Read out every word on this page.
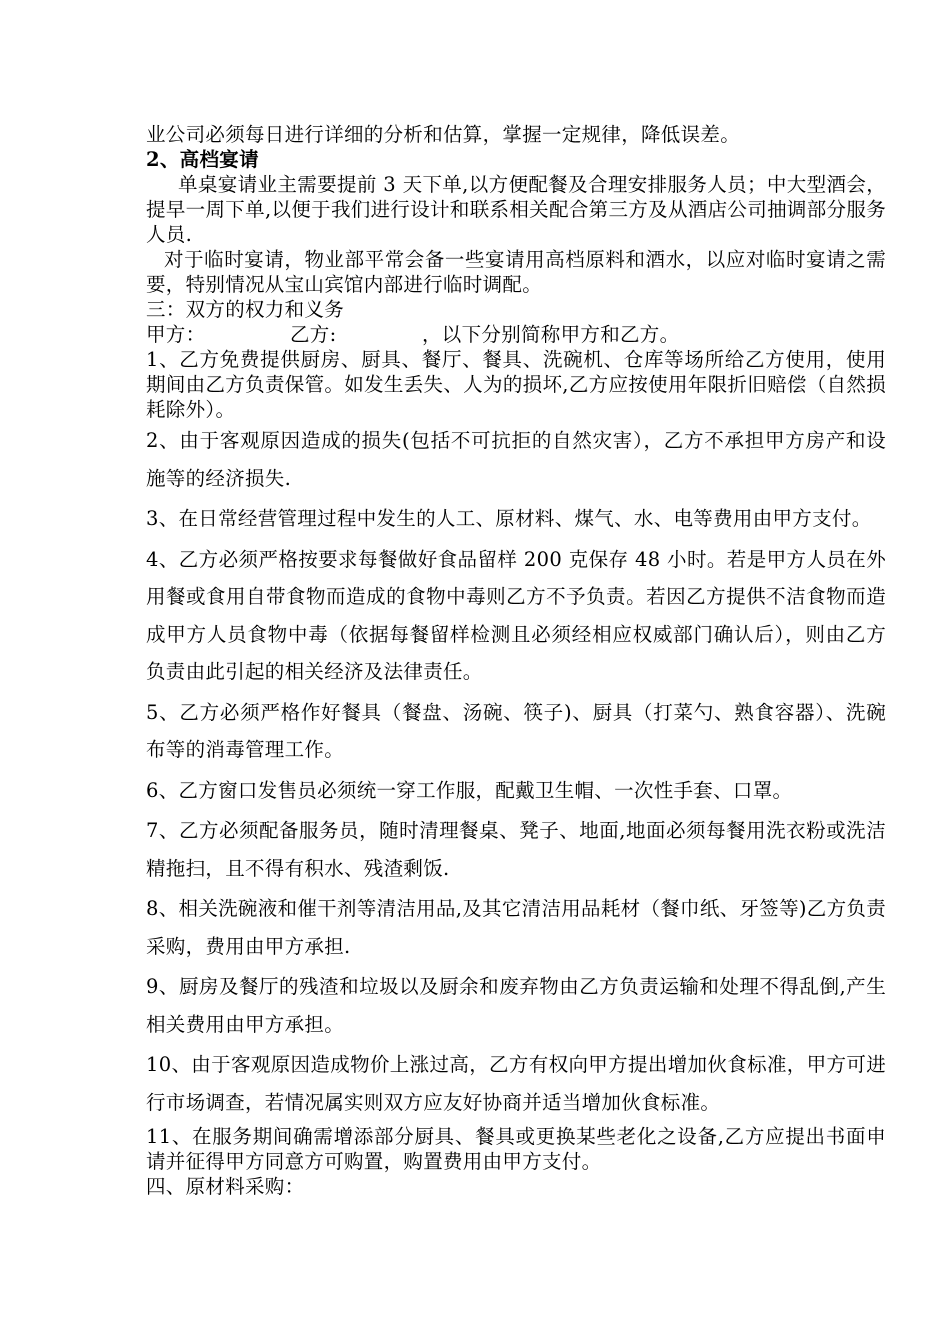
业公司必须每日进行详细的分析和估算，掌握一定规律，降低误差。

2、高档宴请

单桌宴请业主需要提前 3 天下单,以方便配餐及合理安排服务人员；中大型酒会，提早一周下单,以便于我们进行设计和联系相关配合第三方及从酒店公司抽调部分服务人员.

对于临时宴请，物业部平常会备一些宴请用高档原料和酒水，以应对临时宴请之需要，特别情况从宝山宾馆内部进行临时调配。

三：双方的权力和义务

甲方：	乙方:	，以下分别简称甲方和乙方。

1、乙方免费提供厨房、厨具、餐厅、餐具、洗碗机、仓库等场所给乙方使用，使用期间由乙方负责保管。如发生丢失、人为的损坏,乙方应按使用年限折旧赔偿（自然损耗除外）。

2、由于客观原因造成的损失(包括不可抗拒的自然灾害），乙方不承担甲方房产和设施等的经济损失.

3、在日常经营管理过程中发生的人工、原材料、煤气、水、电等费用由甲方支付。

4、乙方必须严格按要求每餐做好食品留样 200 克保存 48 小时。若是甲方人员在外用餐或食用自带食物而造成的食物中毒则乙方不予负责。若因乙方提供不洁食物而造成甲方人员食物中毒（依据每餐留样检测且必须经相应权威部门确认后），则由乙方负责由此引起的相关经济及法律责任。

5、乙方必须严格作好餐具（餐盘、汤碗、筷子)、厨具（打菜勺、熟食容器）、洗碗布等的消毒管理工作。

6、乙方窗口发售员必须统一穿工作服，配戴卫生帽、一次性手套、口罩。

7、乙方必须配备服务员，随时清理餐桌、凳子、地面,地面必须每餐用洗衣粉或洗洁精拖扫，且不得有积水、残渣剩饭.

8、相关洗碗液和催干剂等清洁用品,及其它清洁用品耗材（餐巾纸、牙签等)乙方负责采购，费用由甲方承担.

9、厨房及餐厅的残渣和垃圾以及厨余和废弃物由乙方负责运输和处理不得乱倒,产生相关费用由甲方承担。

10、由于客观原因造成物价上涨过高，乙方有权向甲方提出增加伙食标准，甲方可进行市场调查，若情况属实则双方应友好协商并适当增加伙食标准。

11、在服务期间确需增添部分厨具、餐具或更换某些老化之设备,乙方应提出书面申请并征得甲方同意方可购置，购置费用由甲方支付。

四、原材料采购：
